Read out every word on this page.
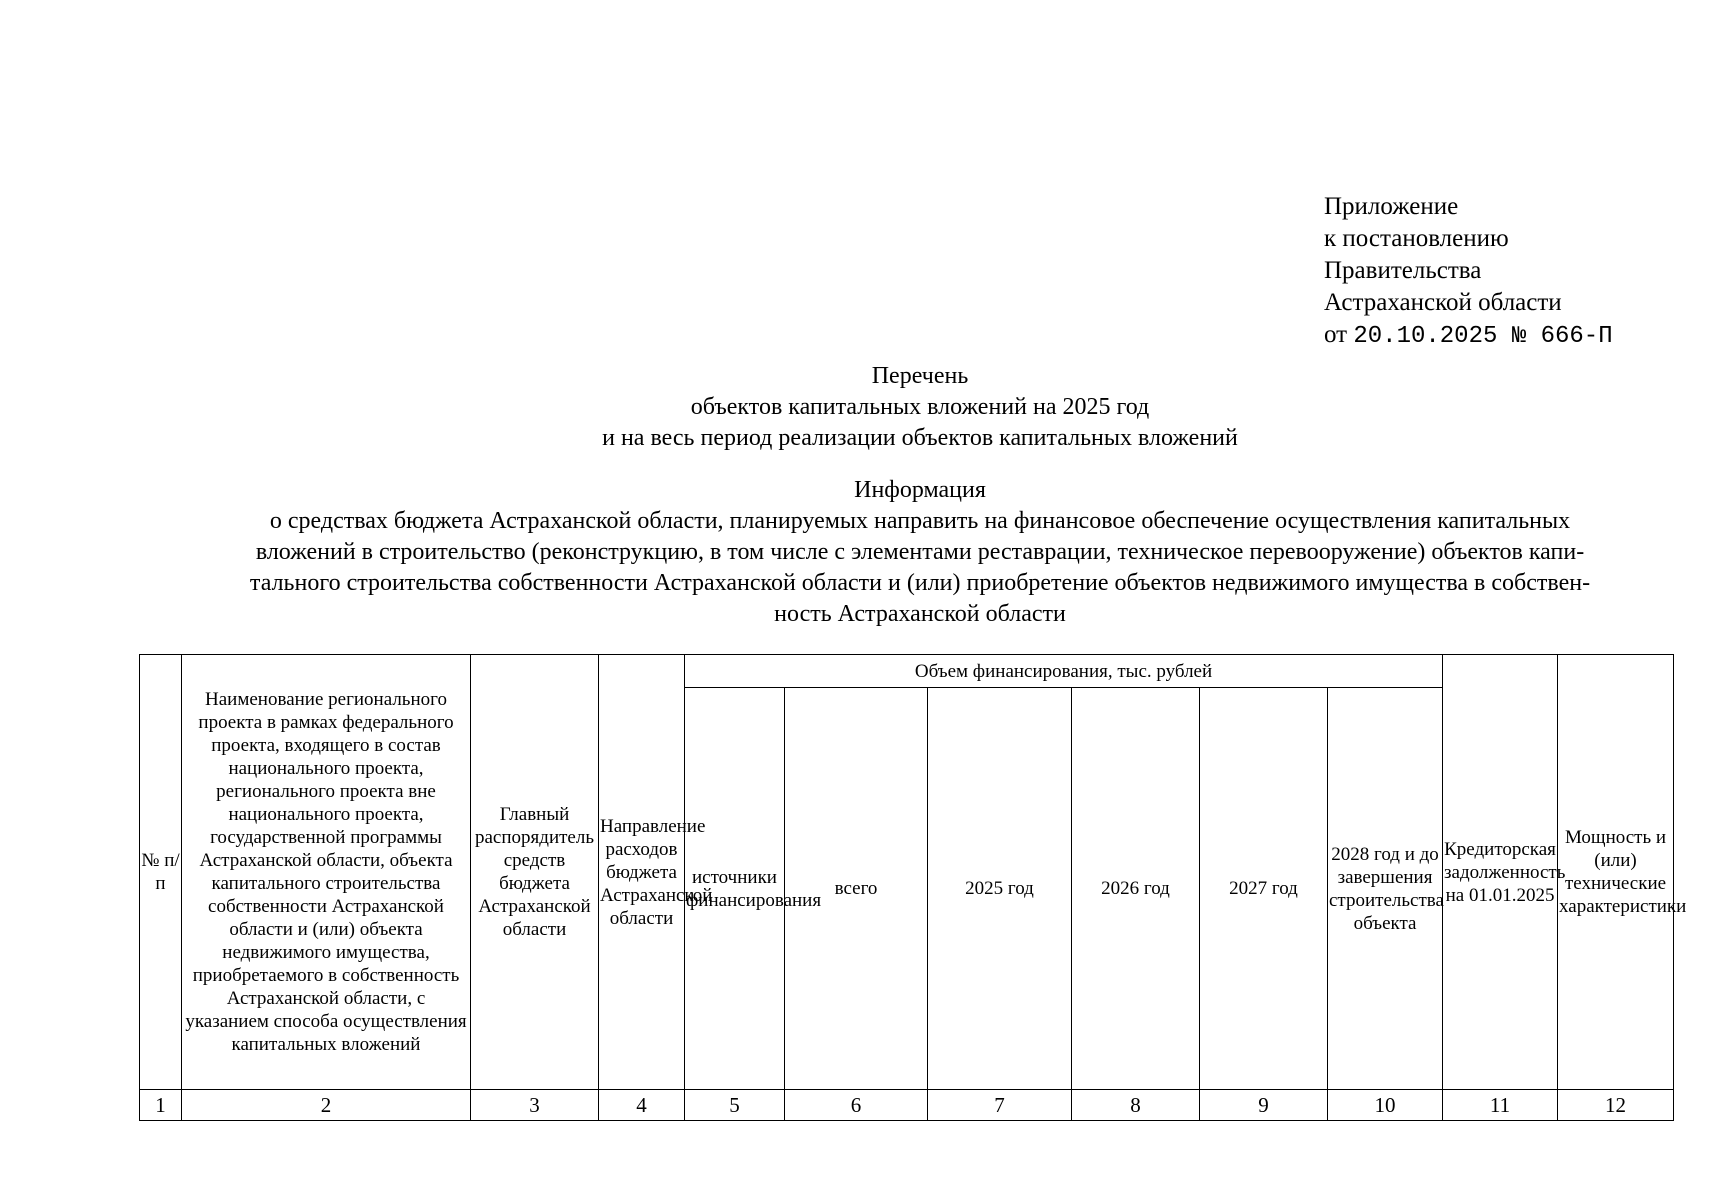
Приложение
к постановлению
Правительства
Астраханской области
от 20.10.2025 № 666-П
Перечень
объектов капитальных вложений на 2025 год
и на весь период реализации объектов капитальных вложений
Информация
о средствах бюджета Астраханской области, планируемых направить на финансовое обеспечение осуществления капитальных
вложений в строительство (реконструкцию, в том числе с элементами реставрации, техническое перевооружение) объектов капи-
тального строительства собственности Астраханской области и (или) приобретение объектов недвижимого имущества в собствен-
ность Астраханской области
№ п/п	Наименование регионального проекта в рамках федерального проекта, входящего в состав национального проекта, регионального проекта вне национального проекта, государственной программы Астраханской области, объекта капитального строительства собственности Астраханской области и (или) объекта недвижимого имущества, приобретаемого в собственность Астраханской области, с указанием способа осуществления капитальных вложений	Главный распорядитель средств бюджета Астраханской области	Направление расходов бюджета Астраханской области	Объем финансирования, тыс. рублей						Кредиторская задолженность на 01.01.2025	Мощность и (или) технические характеристики
				источники финансирования	всего	2025 год	2026 год	2027 год	2028 год и до завершения строительства объекта		
1	2	3	4	5	6	7	8	9	10	11	12
